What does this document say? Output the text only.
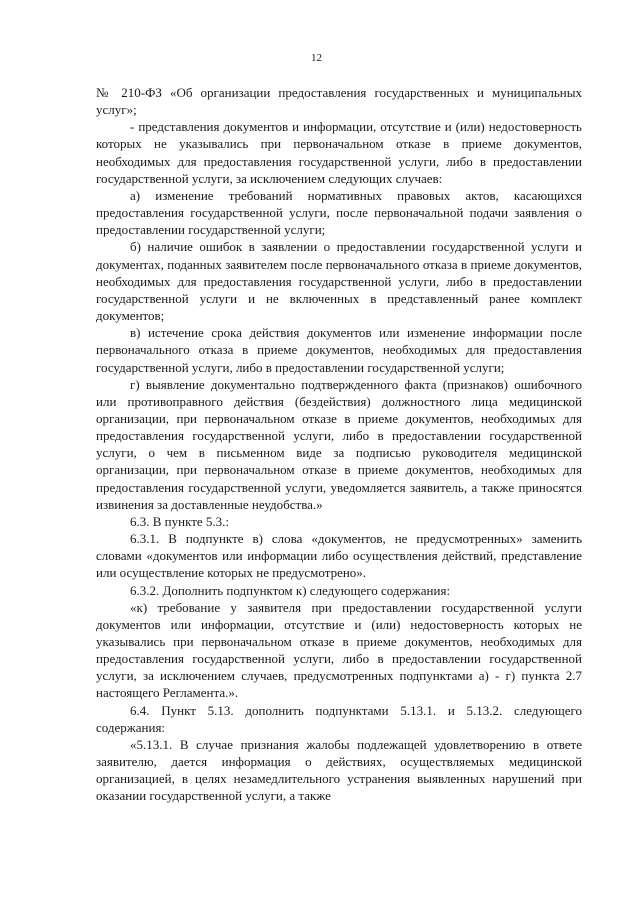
12

№ 210-ФЗ «Об организации предоставления государственных и муниципальных услуг»;

- представления документов и информации, отсутствие и (или) недостоверность которых не указывались при первоначальном отказе в приеме документов, необходимых для предоставления государственной услуги, либо в предоставлении государственной услуги, за исключением следующих случаев:

а) изменение требований нормативных правовых актов, касающихся предоставления государственной услуги, после первоначальной подачи заявления о предоставлении государственной услуги;

б) наличие ошибок в заявлении о предоставлении государственной услуги и документах, поданных заявителем после первоначального отказа в приеме документов, необходимых для предоставления государственной услуги, либо в предоставлении государственной услуги и не включенных в представленный ранее комплект документов;

в) истечение срока действия документов или изменение информации после первоначального отказа в приеме документов, необходимых для предоставления государственной услуги, либо в предоставлении государственной услуги;

г) выявление документально подтвержденного факта (признаков) ошибочного или противоправного действия (бездействия) должностного лица медицинской организации, при первоначальном отказе в приеме документов, необходимых для предоставления государственной услуги, либо в предоставлении государственной услуги, о чем в письменном виде за подписью руководителя медицинской организации, при первоначальном отказе в приеме документов, необходимых для предоставления государственной услуги, уведомляется заявитель, а также приносятся извинения за доставленные неудобства.»

6.3. В пункте 5.3.:

6.3.1. В подпункте в) слова «документов, не предусмотренных» заменить словами «документов или информации либо осуществления действий, представление или осуществление которых не предусмотрено».

6.3.2. Дополнить подпунктом к) следующего содержания:

«к) требование у заявителя при предоставлении государственной услуги документов или информации, отсутствие и (или) недостоверность которых не указывались при первоначальном отказе в приеме документов, необходимых для предоставления государственной услуги, либо в предоставлении государственной услуги, за исключением случаев, предусмотренных подпунктами а) - г) пункта 2.7 настоящего Регламента.».

6.4. Пункт 5.13. дополнить подпунктами 5.13.1. и 5.13.2. следующего содержания:

«5.13.1. В случае признания жалобы подлежащей удовлетворению в ответе заявителю, дается информация о действиях, осуществляемых медицинской организацией, в целях незамедлительного устранения выявленных нарушений при оказании государственной услуги, а также
